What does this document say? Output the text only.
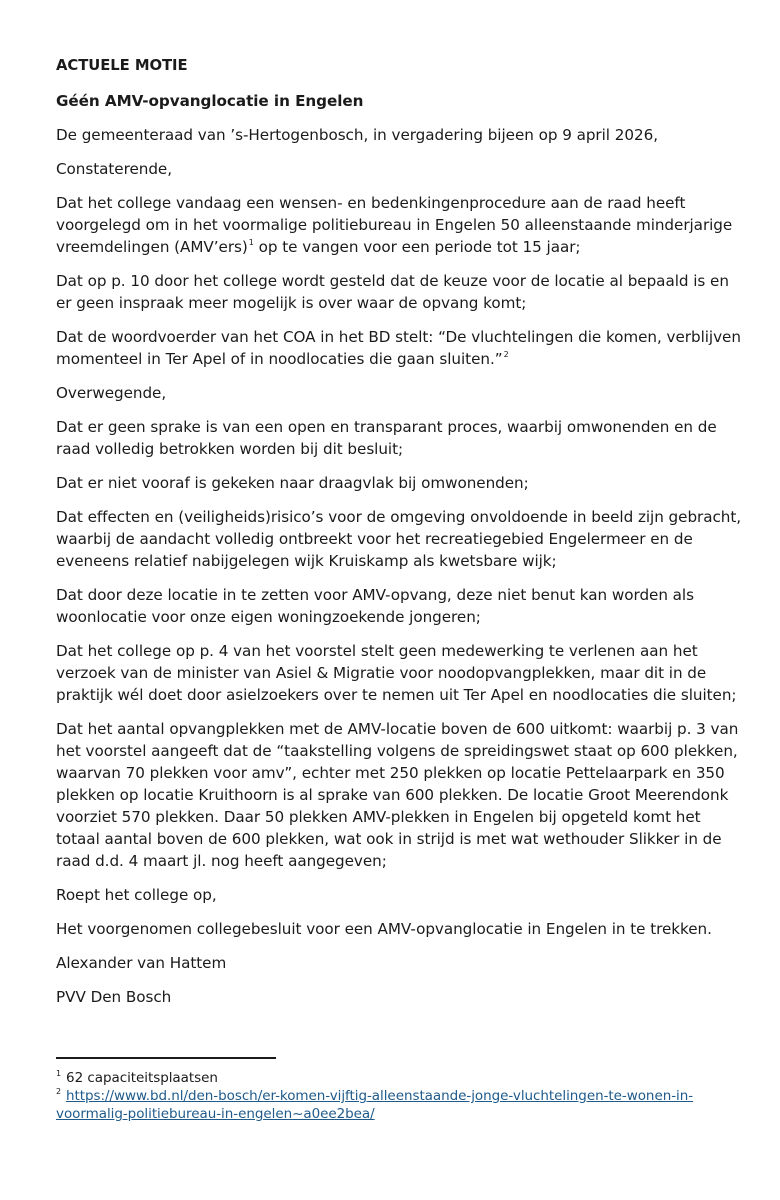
ACTUELE MOTIE

Géén AMV-opvanglocatie in Engelen

De gemeenteraad van ’s-Hertogenbosch, in vergadering bijeen op 9 april 2026,

Constaterende,

Dat het college vandaag een wensen- en bedenkingenprocedure aan de raad heeft voorgelegd om in het voormalige politiebureau in Engelen 50 alleenstaande minderjarige vreemdelingen (AMV’ers)$^1$ op te vangen voor een periode tot 15 jaar;

Dat op p. 10 door het college wordt gesteld dat de keuze voor de locatie al bepaald is en er geen inspraak meer mogelijk is over waar de opvang komt;

Dat de woordvoerder van het COA in het BD stelt: “De vluchtelingen die komen, verblijven momenteel in Ter Apel of in noodlocaties die gaan sluiten.”$^2$

Overwegende,

Dat er geen sprake is van een open en transparant proces, waarbij omwonenden en de raad volledig betrokken worden bij dit besluit;

Dat er niet vooraf is gekeken naar draagvlak bij omwonenden;

Dat effecten en (veiligheids)risico’s voor de omgeving onvoldoende in beeld zijn gebracht, waarbij de aandacht volledig ontbreekt voor het recreatiegebied Engelermeer en de eveneens relatief nabijgelegen wijk Kruiskamp als kwetsbare wijk;

Dat door deze locatie in te zetten voor AMV-opvang, deze niet benut kan worden als woonlocatie voor onze eigen woningzoekende jongeren;

Dat het college op p. 4 van het voorstel stelt geen medewerking te verlenen aan het verzoek van de minister van Asiel & Migratie voor noodopvangplekken, maar dit in de praktijk wél doet door asielzoekers over te nemen uit Ter Apel en noodlocaties die sluiten;

Dat het aantal opvangplekken met de AMV-locatie boven de 600 uitkomt: waarbij p. 3 van het voorstel aangeeft dat de “taakstelling volgens de spreidingswet staat op 600 plekken, waarvan 70 plekken voor amv”, echter met 250 plekken op locatie Pettelaarpark en 350 plekken op locatie Kruithoorn is al sprake van 600 plekken. De locatie Groot Meerendonk voorziet 570 plekken. Daar 50 plekken AMV-plekken in Engelen bij opgeteld komt het totaal aantal boven de 600 plekken, wat ook in strijd is met wat wethouder Slikker in de raad d.d. 4 maart jl. nog heeft aangegeven;

Roept het college op,

Het voorgenomen collegebesluit voor een AMV-opvanglocatie in Engelen in te trekken.

Alexander van Hattem

PVV Den Bosch

$^1$ 62 capaciteitsplaatsen

$^2$ https://www.bd.nl/den-bosch/er-komen-vijftig-alleenstaande-jonge-vluchtelingen-te-wonen-in-voormalig-politiebureau-in-engelen~a0ee2bea/
